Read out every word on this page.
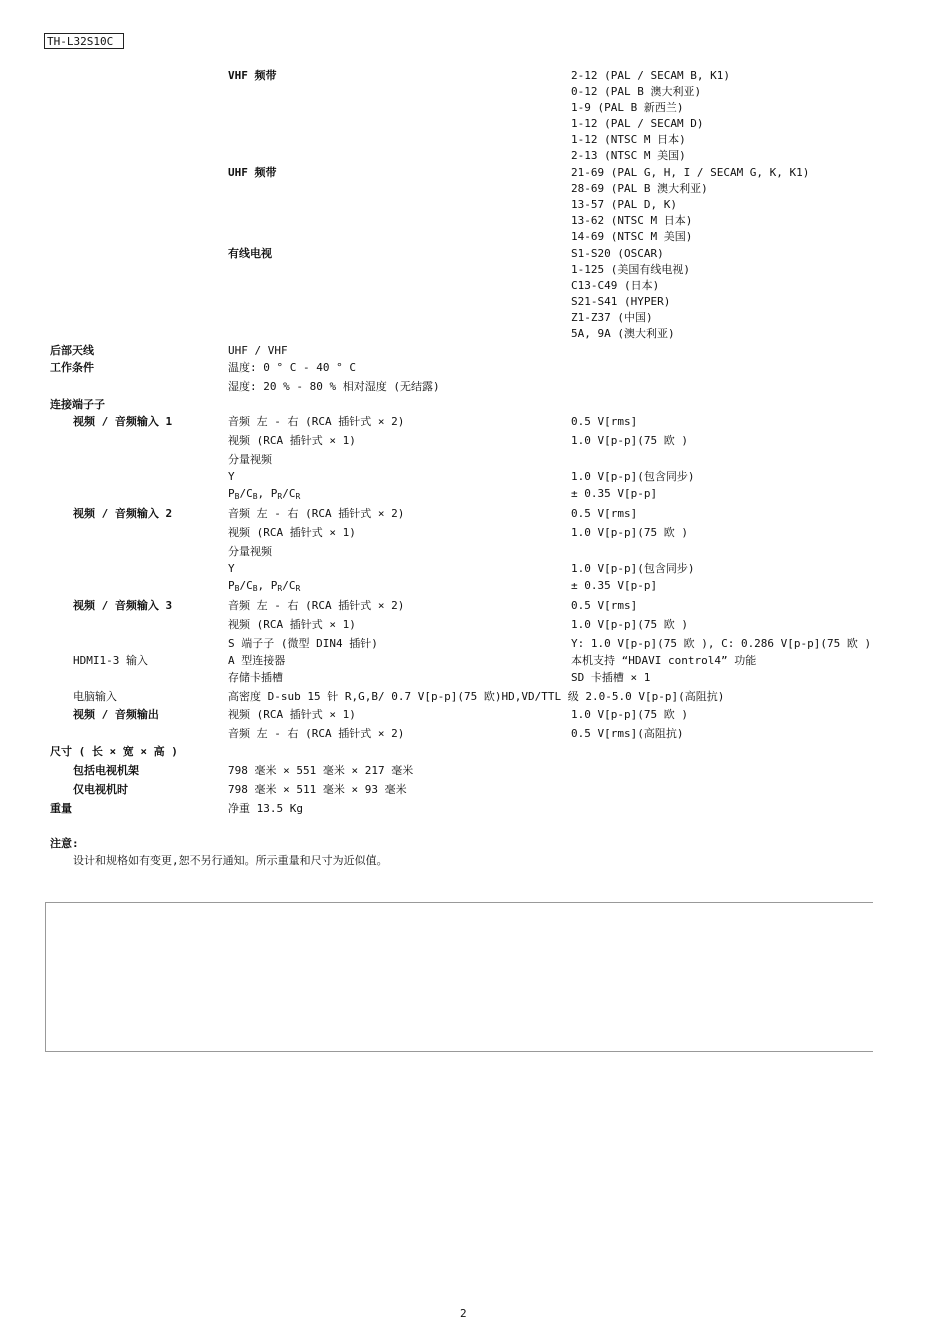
TH-L32S10C
VHF 频带	2-12 (PAL / SECAM B, K1)
0-12 (PAL B 澳大利亚)
1-9 (PAL B 新西兰)
1-12 (PAL / SECAM D)
1-12 (NTSC M 日本)
2-13 (NTSC M 美国)
UHF 频带	21-69 (PAL G, H, I / SECAM G, K, K1)
28-69 (PAL B 澳大利亚)
13-57 (PAL D, K)
13-62 (NTSC M 日本)
14-69 (NTSC M 美国)
有线电视	S1-S20 (OSCAR)
1-125 (美国有线电视)
C13-C49 (日本)
S21-S41 (HYPER)
Z1-Z37 (中国)
5A, 9A (澳大利亚)
后部天线	UHF / VHF
工作条件	温度: 0 ° C - 40 ° C
湿度: 20 % - 80 % 相对湿度 (无结露)
连接端子子
视频 / 音频输入 1	音频 左 - 右 (RCA 插针式 × 2)	0.5 V[rms]
视频 (RCA 插针式 × 1)	1.0 V[p-p](75 欧 )
分量视频
Y	1.0 V[p-p](包含同步)
$P_B/C_B$, $P_R/C_R$	± 0.35 V[p-p]
视频 / 音频输入 2	音频 左 - 右 (RCA 插针式 × 2)	0.5 V[rms]
视频 (RCA 插针式 × 1)	1.0 V[p-p](75 欧 )
分量视频
Y	1.0 V[p-p](包含同步)
$P_B/C_B$, $P_R/C_R$	± 0.35 V[p-p]
视频 / 音频输入 3	音频 左 - 右 (RCA 插针式 × 2)	0.5 V[rms]
视频 (RCA 插针式 × 1)	1.0 V[p-p](75 欧 )
S 端子子 (微型 DIN4 插针)	Y: 1.0 V[p-p](75 欧 ), C: 0.286 V[p-p](75 欧 )
HDMI1-3 输入	A 型连接器	本机支持 “HDAVI control4” 功能
存储卡插槽	SD 卡插槽 × 1
电脑输入	高密度 D-sub 15 针 R,G,B/ 0.7 V[p-p](75 欧)HD,VD/TTL 级 2.0-5.0 V[p-p](高阻抗)
视频 / 音频输出	视频 (RCA 插针式 × 1)	1.0 V[p-p](75 欧 )
音频 左 - 右 (RCA 插针式 × 2)	0.5 V[rms](高阻抗)
尺寸 ( 长 × 宽 × 高 )
包括电视机架	798 毫米 × 551 毫米 × 217 毫米
仅电视机时	798 毫米 × 511 毫米 × 93 毫米
重量	净重 13.5 Kg
注意:
设计和规格如有变更,恕不另行通知。所示重量和尺寸为近似值。
2
